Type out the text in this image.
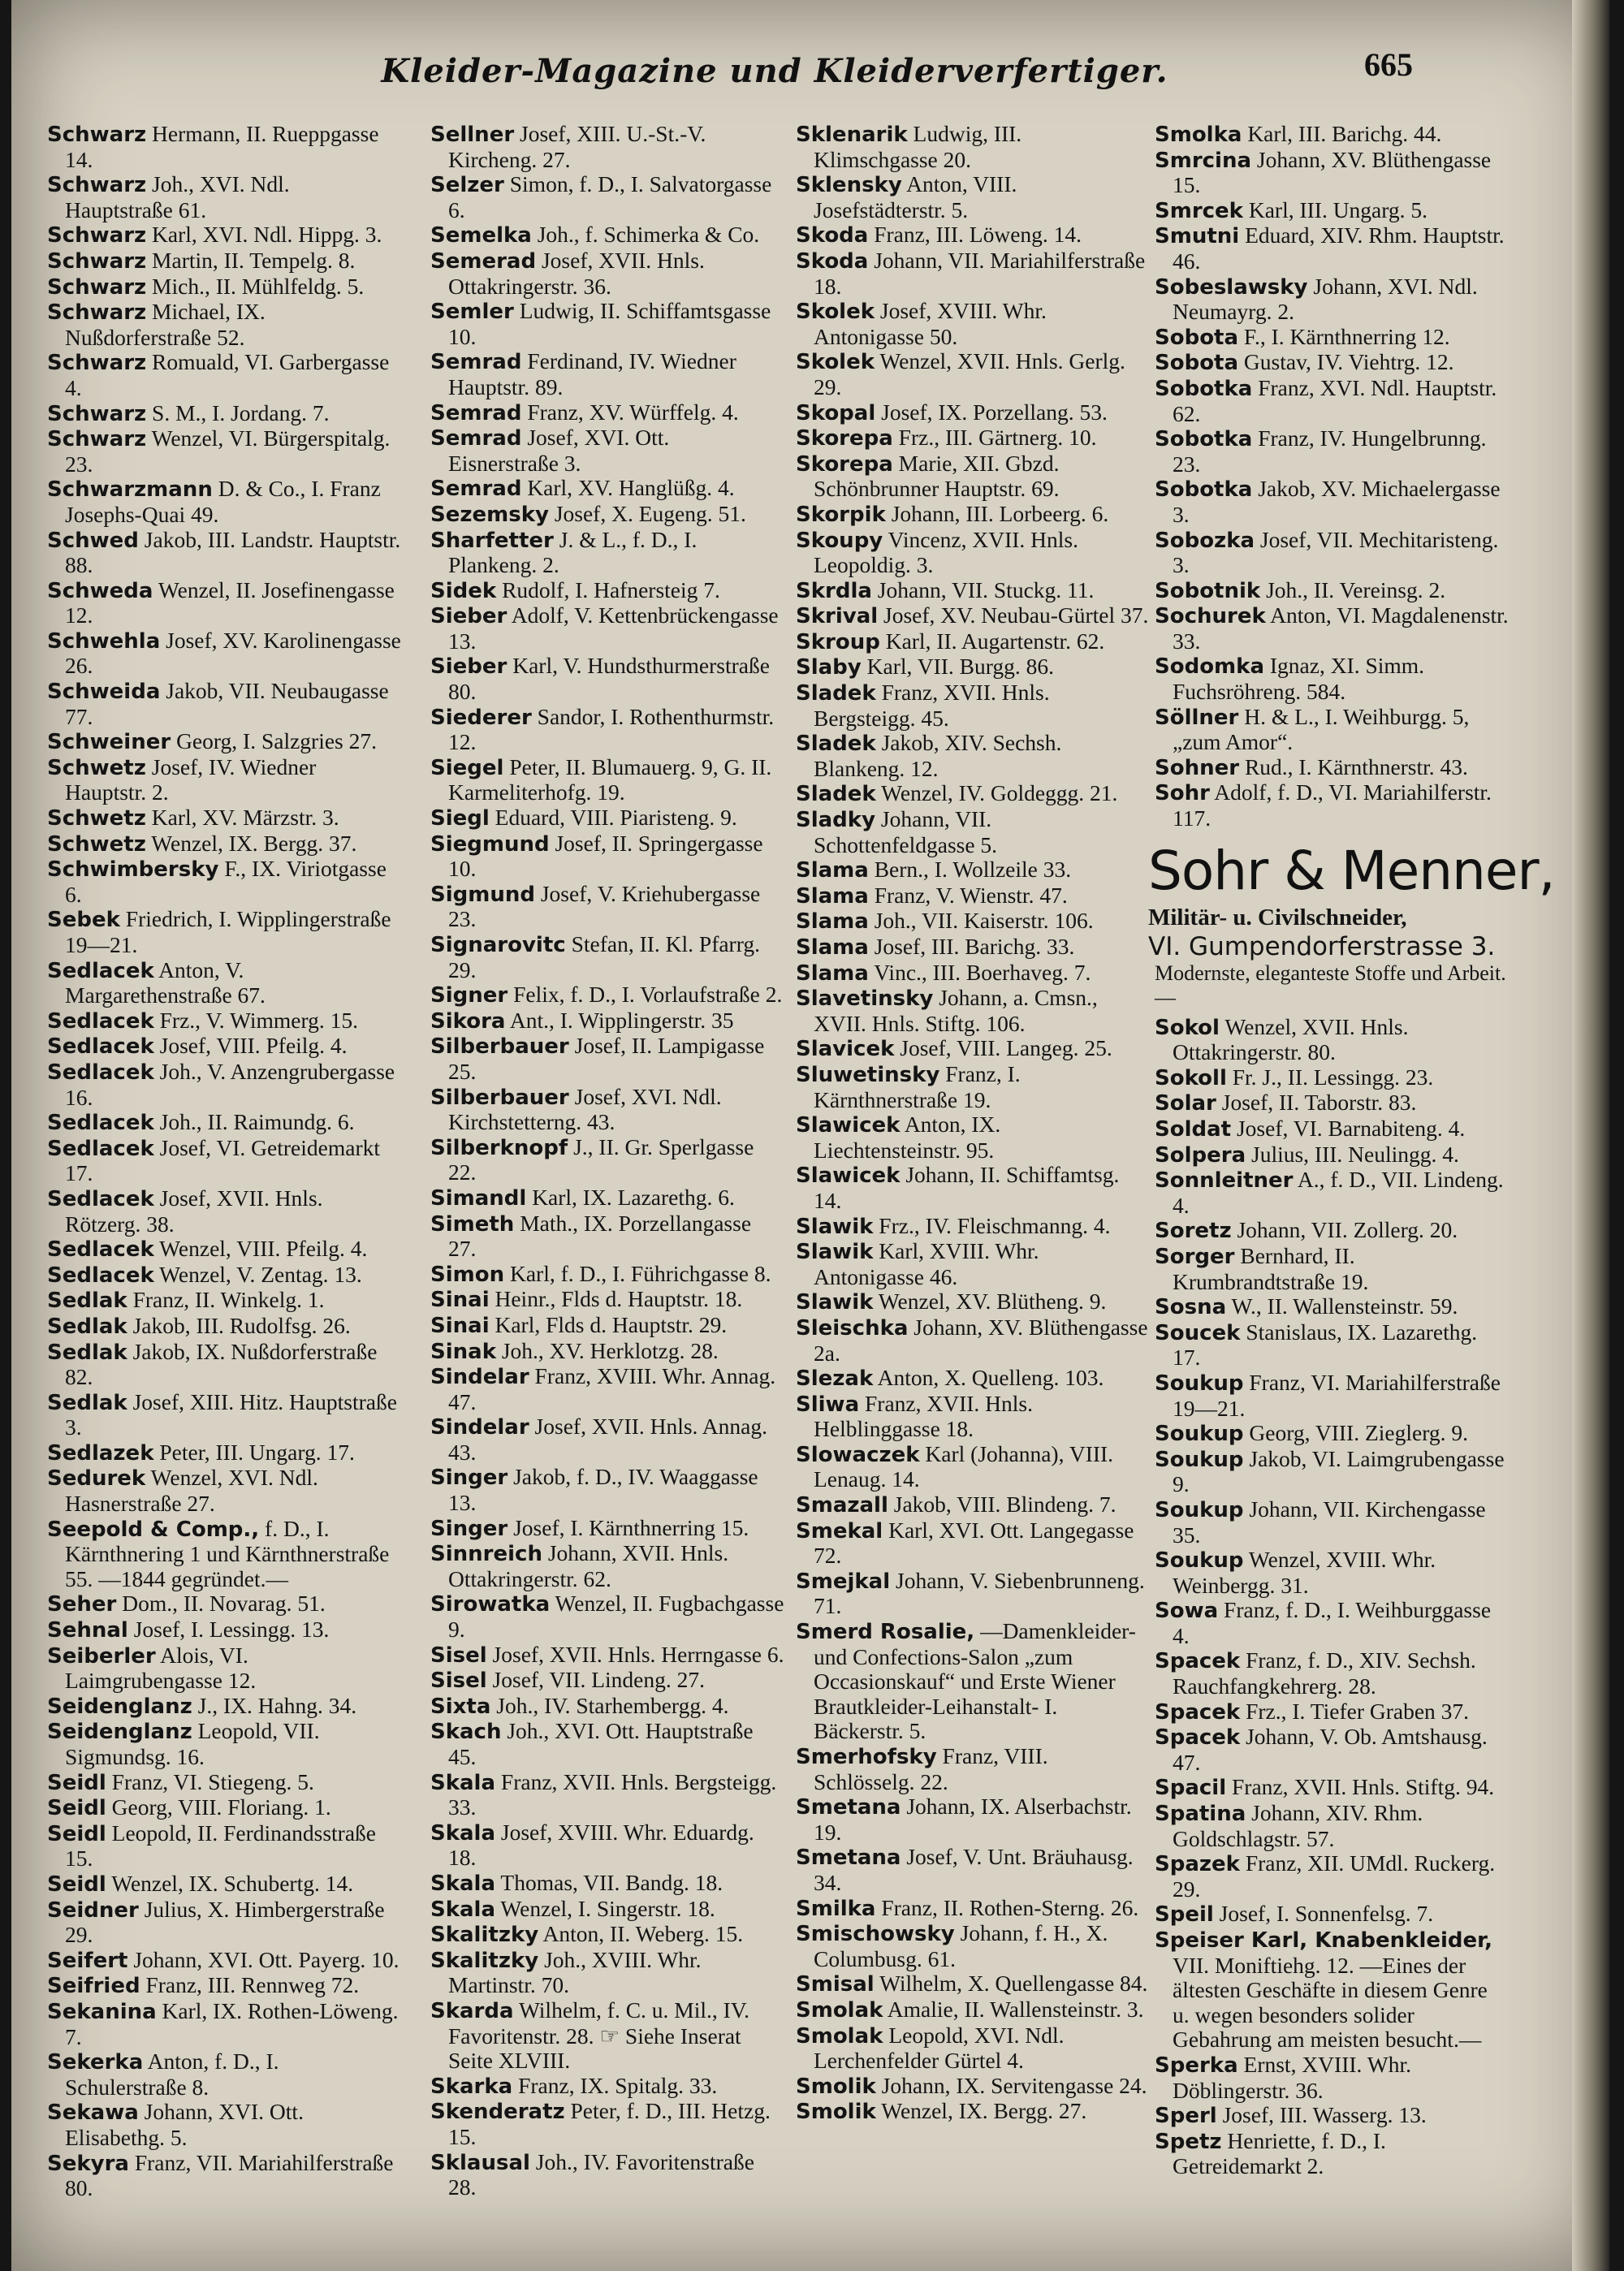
Kleider-Magazine und Kleiderverfertiger.	665

Schwarz Hermann, II. Rueppgasse 14.

Schwarz Joh., XVI. Ndl. Hauptstraße 61.

Schwarz Karl, XVI. Ndl. Hippg. 3.

Schwarz Martin, II. Tempelg. 8.

Schwarz Mich., II. Mühlfeldg. 5.

Schwarz Michael, IX. Nußdorferstraße 52.

Schwarz Romuald, VI. Garbergasse 4.

Schwarz S. M., I. Jordang. 7.

Schwarz Wenzel, VI. Bürgerspitalg. 23.

Schwarzmann D. & Co., I. Franz Josephs-Quai 49.

Schwed Jakob, III. Landstr. Hauptstr. 88.

Schweda Wenzel, II. Josefinengasse 12.

Schwehla Josef, XV. Karolinengasse 26.

Schweida Jakob, VII. Neubaugasse 77.

Schweiner Georg, I. Salzgries 27.

Schwetz Josef, IV. Wiedner Hauptstr. 2.

Schwetz Karl, XV. Märzstr. 3.

Schwetz Wenzel, IX. Bergg. 37.

Schwimbersky F., IX. Viriotgasse 6.

Sebek Friedrich, I. Wipplingerstraße 19—21.

Sedlacek Anton, V. Margarethenstraße 67.

Sedlacek Frz., V. Wimmerg. 15.

Sedlacek Josef, VIII. Pfeilg. 4.

Sedlacek Joh., V. Anzengrubergasse 16.

Sedlacek Joh., II. Raimundg. 6.

Sedlacek Josef, VI. Getreidemarkt 17.

Sedlacek Josef, XVII. Hnls. Rötzerg. 38.

Sedlacek Wenzel, VIII. Pfeilg. 4.

Sedlacek Wenzel, V. Zentag. 13.

Sedlak Franz, II. Winkelg. 1.

Sedlak Jakob, III. Rudolfsg. 26.

Sedlak Jakob, IX. Nußdorferstraße 82.

Sedlak Josef, XIII. Hitz. Hauptstraße 3.

Sedlazek Peter, III. Ungarg. 17.

Sedurek Wenzel, XVI. Ndl. Hasnerstraße 27.

Seepold & Comp., f. D., I. Kärnthnering 1 und Kärnthnerstraße 55. —1844 gegründet.—

Seher Dom., II. Novarag. 51.

Sehnal Josef, I. Lessingg. 13.

Seiberler Alois, VI. Laimgrubengasse 12.

Seidenglanz J., IX. Hahng. 34.

Seidenglanz Leopold, VII. Sigmundsg. 16.

Seidl Franz, VI. Stiegeng. 5.

Seidl Georg, VIII. Floriang. 1.

Seidl Leopold, II. Ferdinandsstraße 15.

Seidl Wenzel, IX. Schubertg. 14.

Seidner Julius, X. Himbergerstraße 29.

Seifert Johann, XVI. Ott. Payerg. 10.

Seifried Franz, III. Rennweg 72.

Sekanina Karl, IX. Rothen-Löweng. 7.

Sekerka Anton, f. D., I. Schulerstraße 8.

Sekawa Johann, XVI. Ott. Elisabethg. 5.

Sekyra Franz, VII. Mariahilferstraße 80.

Sellner Josef, XIII. U.-St.-V. Kircheng. 27.

Selzer Simon, f. D., I. Salvatorgasse 6.

Semelka Joh., f. Schimerka & Co.

Semerad Josef, XVII. Hnls. Ottakringerstr. 36.

Semler Ludwig, II. Schiffamtsgasse 10.

Semrad Ferdinand, IV. Wiedner Hauptstr. 89.

Semrad Franz, XV. Würffelg. 4.

Semrad Josef, XVI. Ott. Eisnerstraße 3.

Semrad Karl, XV. Hanglüßg. 4.

Sezemsky Josef, X. Eugeng. 51.

Sharfetter J. & L., f. D., I. Plankeng. 2.

Sidek Rudolf, I. Hafnersteig 7.

Sieber Adolf, V. Kettenbrückengasse 13.

Sieber Karl, V. Hundsthurmerstraße 80.

Siederer Sandor, I. Rothenthurmstr. 12.

Siegel Peter, II. Blumauerg. 9, G. II. Karmeliterhofg. 19.

Siegl Eduard, VIII. Piaristeng. 9.

Siegmund Josef, II. Springergasse 10.

Sigmund Josef, V. Kriehubergasse 23.

Signarovitc Stefan, II. Kl. Pfarrg. 29.

Signer Felix, f. D., I. Vorlaufstraße 2.

Sikora Ant., I. Wipplingerstr. 35

Silberbauer Josef, II. Lampigasse 25.

Silberbauer Josef, XVI. Ndl. Kirchstetterng. 43.

Silberknopf J., II. Gr. Sperlgasse 22.

Simandl Karl, IX. Lazarethg. 6.

Simeth Math., IX. Porzellangasse 27.

Simon Karl, f. D., I. Führichgasse 8.

Sinai Heinr., Flds d. Hauptstr. 18.

Sinai Karl, Flds d. Hauptstr. 29.

Sinak Joh., XV. Herklotzg. 28.

Sindelar Franz, XVIII. Whr. Annag. 47.

Sindelar Josef, XVII. Hnls. Annag. 43.

Singer Jakob, f. D., IV. Waaggasse 13.

Singer Josef, I. Kärnthnerring 15.

Sinnreich Johann, XVII. Hnls. Ottakringerstr. 62.

Sirowatka Wenzel, II. Fugbachgasse 9.

Sisel Josef, XVII. Hnls. Herrngasse 6.

Sisel Josef, VII. Lindeng. 27.

Sixta Joh., IV. Starhembergg. 4.

Skach Joh., XVI. Ott. Hauptstraße 45.

Skala Franz, XVII. Hnls. Bergsteigg. 33.

Skala Josef, XVIII. Whr. Eduardg. 18.

Skala Thomas, VII. Bandg. 18.

Skala Wenzel, I. Singerstr. 18.

Skalitzky Anton, II. Weberg. 15.

Skalitzky Joh., XVIII. Whr. Martinstr. 70.

Skarda Wilhelm, f. C. u. Mil., IV. Favoritenstr. 28. ☞ Siehe Inserat Seite XLVIII.

Skarka Franz, IX. Spitalg. 33.

Skenderatz Peter, f. D., III. Hetzg. 15.

Sklausal Joh., IV. Favoritenstraße 28.

Sklenarik Ludwig, III. Klimschgasse 20.

Sklensky Anton, VIII. Josefstädterstr. 5.

Skoda Franz, III. Löweng. 14.

Skoda Johann, VII. Mariahilferstraße 18.

Skolek Josef, XVIII. Whr. Antonigasse 50.

Skolek Wenzel, XVII. Hnls. Gerlg. 29.

Skopal Josef, IX. Porzellang. 53.

Skorepa Frz., III. Gärtnerg. 10.

Skorepa Marie, XII. Gbzd. Schönbrunner Hauptstr. 69.

Skorpik Johann, III. Lorbeerg. 6.

Skoupy Vincenz, XVII. Hnls. Leopoldig. 3.

Skrdla Johann, VII. Stuckg. 11.

Skrival Josef, XV. Neubau-Gürtel 37.

Skroup Karl, II. Augartenstr. 62.

Slaby Karl, VII. Burgg. 86.

Sladek Franz, XVII. Hnls. Bergsteigg. 45.

Sladek Jakob, XIV. Sechsh. Blankeng. 12.

Sladek Wenzel, IV. Goldeggg. 21.

Sladky Johann, VII. Schottenfeldgasse 5.

Slama Bern., I. Wollzeile 33.

Slama Franz, V. Wienstr. 47.

Slama Joh., VII. Kaiserstr. 106.

Slama Josef, III. Barichg. 33.

Slama Vinc., III. Boerhaveg. 7.

Slavetinsky Johann, a. Cmsn., XVII. Hnls. Stiftg. 106.

Slavicek Josef, VIII. Langeg. 25.

Sluwetinsky Franz, I. Kärnthnerstraße 19.

Slawicek Anton, IX. Liechtensteinstr. 95.

Slawicek Johann, II. Schiffamtsg. 14.

Slawik Frz., IV. Fleischmanng. 4.

Slawik Karl, XVIII. Whr. Antonigasse 46.

Slawik Wenzel, XV. Blütheng. 9.

Sleischka Johann, XV. Blüthengasse 2a.

Slezak Anton, X. Quelleng. 103.

Sliwa Franz, XVII. Hnls. Helblinggasse 18.

Slowaczek Karl (Johanna), VIII. Lenaug. 14.

Smazall Jakob, VIII. Blindeng. 7.

Smekal Karl, XVI. Ott. Langegasse 72.

Smejkal Johann, V. Siebenbrunneng. 71.

Smerd Rosalie, —Damenkleider- und Confections-Salon „zum Occasionskauf“ und Erste Wiener Brautkleider-Leihanstalt- I. Bäckerstr. 5.

Smerhofsky Franz, VIII. Schlösselg. 22.

Smetana Johann, IX. Alserbachstr. 19.

Smetana Josef, V. Unt. Bräuhausg. 34.

Smilka Franz, II. Rothen-Sterng. 26.

Smischowsky Johann, f. H., X. Columbusg. 61.

Smisal Wilhelm, X. Quellengasse 84.

Smolak Amalie, II. Wallensteinstr. 3.

Smolak Leopold, XVI. Ndl. Lerchenfelder Gürtel 4.

Smolik Johann, IX. Servitengasse 24.

Smolik Wenzel, IX. Bergg. 27.

Smolka Karl, III. Barichg. 44.

Smrcina Johann, XV. Blüthengasse 15.

Smrcek Karl, III. Ungarg. 5.

Smutni Eduard, XIV. Rhm. Hauptstr. 46.

Sobeslawsky Johann, XVI. Ndl. Neumayrg. 2.

Sobota F., I. Kärnthnerring 12.

Sobota Gustav, IV. Viehtrg. 12.

Sobotka Franz, XVI. Ndl. Hauptstr. 62.

Sobotka Franz, IV. Hungelbrunng. 23.

Sobotka Jakob, XV. Michaelergasse 3.

Sobozka Josef, VII. Mechitaristeng. 3.

Sobotnik Joh., II. Vereinsg. 2.

Sochurek Anton, VI. Magdalenenstr. 33.

Sodomka Ignaz, XI. Simm. Fuchsröhreng. 584.

Söllner H. & L., I. Weihburgg. 5, „zum Amor“.

Sohner Rud., I. Kärnthnerstr. 43.

Sohr Adolf, f. D., VI. Mariahilferstr. 117.

Sohr & Menner,
Militär- u. Civilschneider,
VI. Gumpendorferstrasse 3.
Modernste, eleganteste Stoffe und Arbeit.—

Sokol Wenzel, XVII. Hnls. Ottakringerstr. 80.

Sokoll Fr. J., II. Lessingg. 23.

Solar Josef, II. Taborstr. 83.

Soldat Josef, VI. Barnabiteng. 4.

Solpera Julius, III. Neulingg. 4.

Sonnleitner A., f. D., VII. Lindeng. 4.

Soretz Johann, VII. Zollerg. 20.

Sorger Bernhard, II. Krumbrandtstraße 19.

Sosna W., II. Wallensteinstr. 59.

Soucek Stanislaus, IX. Lazarethg. 17.

Soukup Franz, VI. Mariahilferstraße 19—21.

Soukup Georg, VIII. Zieglerg. 9.

Soukup Jakob, VI. Laimgrubengasse 9.

Soukup Johann, VII. Kirchengasse 35.

Soukup Wenzel, XVIII. Whr. Weinbergg. 31.

Sowa Franz, f. D., I. Weihburggasse 4.

Spacek Franz, f. D., XIV. Sechsh. Rauchfangkehrerg. 28.

Spacek Frz., I. Tiefer Graben 37.

Spacek Johann, V. Ob. Amtshausg. 47.

Spacil Franz, XVII. Hnls. Stiftg. 94.

Spatina Johann, XIV. Rhm. Goldschlagstr. 57.

Spazek Franz, XII. UMdl. Ruckerg. 29.

Speil Josef, I. Sonnenfelsg. 7.

Speiser Karl, Knabenkleider, VII. Moniftiehg. 12. —Eines der ältesten Geschäfte in diesem Genre u. wegen besonders solider Gebahrung am meisten besucht.—

Sperka Ernst, XVIII. Whr. Döblingerstr. 36.

Sperl Josef, III. Wasserg. 13.

Spetz Henriette, f. D., I. Getreidemarkt 2.
